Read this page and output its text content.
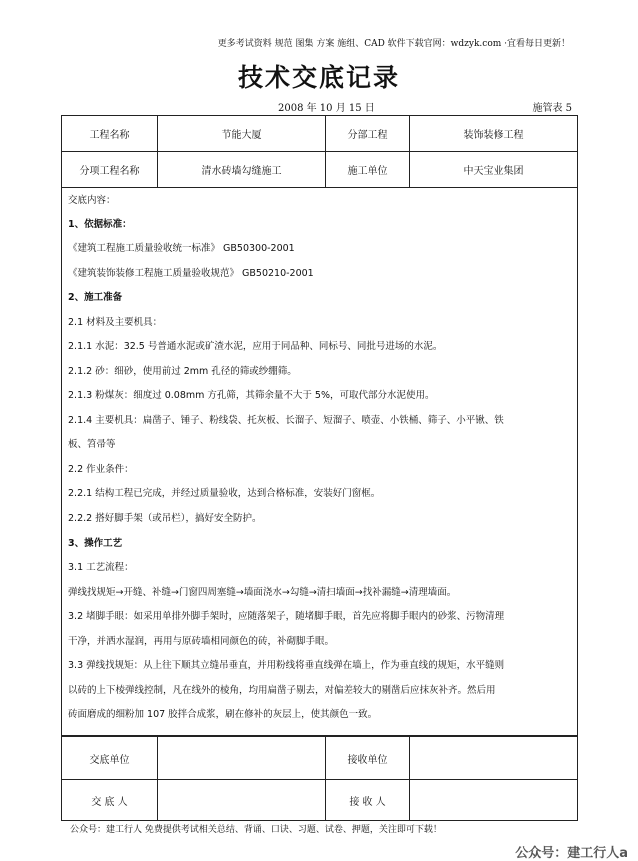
更多考试资料 规范 图集 方案 施组、CAD 软件下载官网：wdzyk.com ·宜看每日更新！
技术交底记录
2008 年 10 月 15 日	施管表 5
工程名称	节能大厦	分部工程	装饰装修工程
分项工程名称	清水砖墙勾缝施工	施工单位	中天宝业集团
交底内容：
1、依据标准：
《建筑工程施工质量验收统一标准》 GB50300-2001
《建筑装饰装修工程施工质量验收规范》 GB50210-2001
2、施工准备
2.1 材料及主要机具：
2.1.1 水泥：32.5 号普通水泥或矿渣水泥，应用于同品种、同标号、同批号进场的水泥。
2.1.2 砂：细砂，使用前过 2mm 孔径的筛或纱绷筛。
2.1.3 粉煤灰：细度过 0.08mm 方孔筛，其筛余量不大于 5%，可取代部分水泥使用。
2.1.4 主要机具：扁凿子、锤子、粉线袋、托灰板、长溜子、短溜子、喷壶、小铁桶、筛子、小平锹、铁
板、笤帚等
2.2 作业条件：
2.2.1 结构工程已完成，并经过质量验收，达到合格标准，安装好门窗框。
2.2.2 搭好脚手架（或吊栏），搞好安全防护。
3、操作工艺
3.1 工艺流程：
弹线找规矩→开缝、补缝→门窗四周塞缝→墙面浇水→勾缝→清扫墙面→找补漏缝→清理墙面。
3.2 堵脚手眼：如采用单排外脚手架时，应随落架子，随堵脚手眼，首先应将脚手眼内的砂浆、污物清理
干净，并洒水湿润，再用与原砖墙相同颜色的砖，补砌脚手眼。
3.3 弹线找规矩：从上往下顺其立缝吊垂直，并用粉线将垂直线弹在墙上，作为垂直线的规矩，水平缝则
以砖的上下棱弹线控制，凡在线外的棱角，均用扁凿子剔去，对偏差较大的剔凿后应抹灰补齐。然后用
砖面磨成的细粉加 107 胶拌合成浆，刷在修补的灰层上，使其颜色一致。
交底单位		接收单位	
交 底 人		接 收 人	
公众号：建工行人 免费提供考试相关总结、背诵、口诀、习题、试卷、押题，关注即可下载！
公众号：建工行人a
